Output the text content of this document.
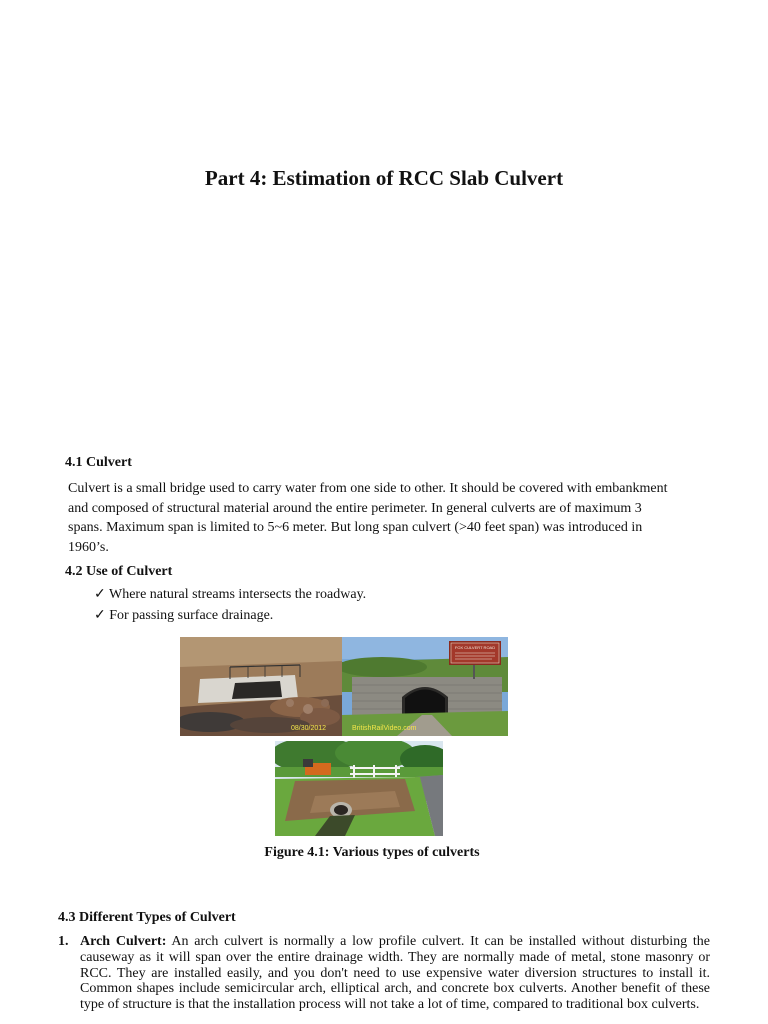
Part 4: Estimation of RCC Slab Culvert
4.1 Culvert
Culvert is a small bridge used to carry water from one side to other. It should be covered with embankment and composed of structural material around the entire perimeter. In general culverts are of maximum 3 spans. Maximum span is limited to 5~6 meter. But long span culvert (>40 feet span) was introduced in 1960’s.
4.2 Use of Culvert
✓ Where natural streams intersects the roadway.
✓ For passing surface drainage.
08/30/2012
FOX CULVERT ROAD
BritishRailVideo.com
Figure 4.1: Various types of culverts
4.3 Different Types of Culvert
1. Arch Culvert: An arch culvert is normally a low profile culvert. It can be installed without disturbing the causeway as it will span over the entire drainage width. They are normally made of metal, stone masonry or RCC. They are installed easily, and you don't need to use expensive water diversion structures to install it. Common shapes include semicircular arch, elliptical arch, and concrete box culverts. Another benefit of these type of structure is that the installation process will not take a lot of time, compared to traditional box culverts.
